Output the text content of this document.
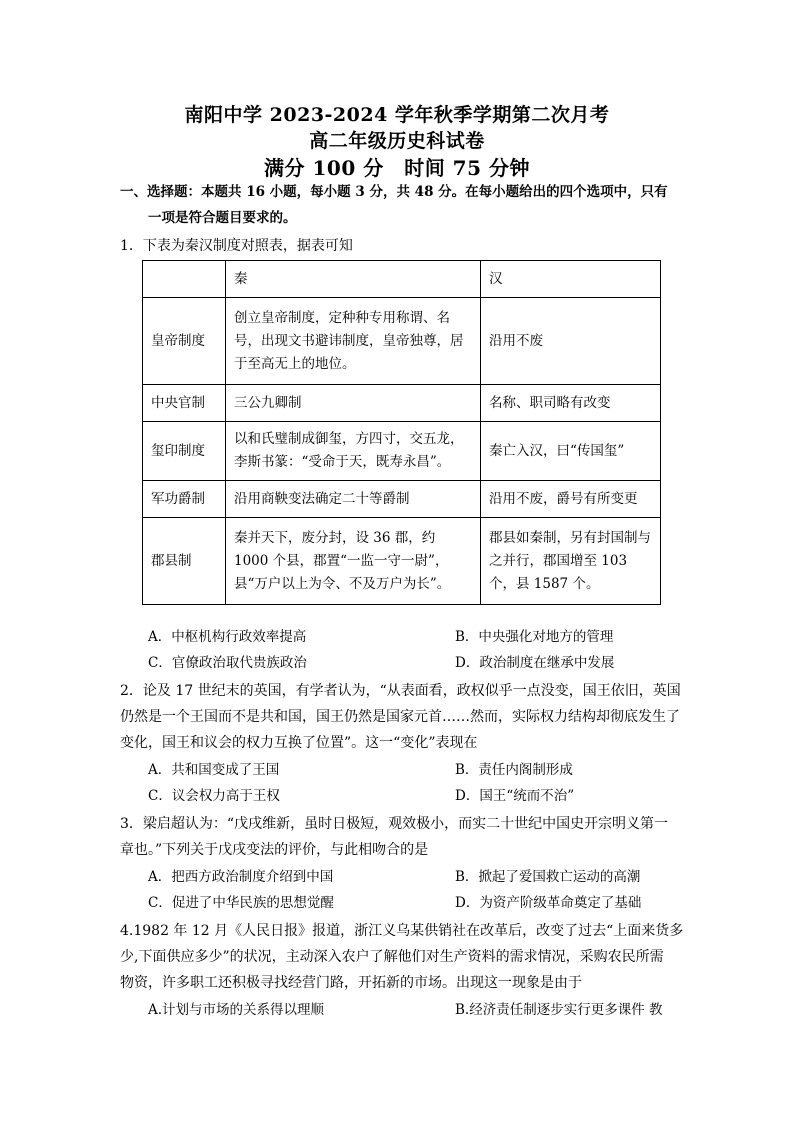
南阳中学 2023-2024 学年秋季学期第二次月考
高二年级历史科试卷
满分 100 分　时间 75 分钟
一、选择题：本题共 16 小题，每小题 3 分，共 48 分。在每小题给出的四个选项中，只有
一项是符合题目要求的。
1．下表为秦汉制度对照表，据表可知
	秦	汉
皇帝制度	创立皇帝制度，定种种专用称谓、名号，出现文书避讳制度，皇帝独尊，居于至高无上的地位。	沿用不废
中央官制	三公九卿制	名称、职司略有改变
玺印制度	以和氏璧制成御玺，方四寸，交五龙，李斯书篆：“受命于天，既寿永昌”。	秦亡入汉，曰“传国玺”
军功爵制	沿用商鞅变法确定二十等爵制	沿用不废，爵号有所变更
郡县制	秦并天下，废分封，设 36 郡，约 1000 个县，郡置“一监一守一尉”，县“万户以上为令、不及万户为长”。	郡县如秦制，另有封国制与之并行，郡国增至 103 个，县 1587 个。
A．中枢机构行政效率提高	B．中央强化对地方的管理
C．官僚政治取代贵族政治	D．政治制度在继承中发展
2．论及 17 世纪末的英国，有学者认为，“从表面看，政权似乎一点没变，国王依旧，英国
仍然是一个王国而不是共和国，国王仍然是国家元首……然而，实际权力结构却彻底发生了
变化，国王和议会的权力互换了位置”。这一“变化”表现在
A．共和国变成了王国	B．责任内阁制形成
C．议会权力高于王权	D．国王“统而不治”
3．梁启超认为：“戊戌维新，虽时日极短，观效极小，而实二十世纪中国史开宗明义第一
章也。”下列关于戊戌变法的评价，与此相吻合的是
A．把西方政治制度介绍到中国	B．掀起了爱国救亡运动的高潮
C．促进了中华民族的思想觉醒	D．为资产阶级革命奠定了基础
4.1982 年 12 月《人民日报》报道，浙江义乌某供销社在改革后，改变了过去“上面来货多
少,下面供应多少”的状况，主动深入农户了解他们对生产资料的需求情况，采购农民所需
物资，许多职工还积极寻找经营门路，开拓新的市场。出现这一现象是由于
A.计划与市场的关系得以理顺	B.经济责任制逐步实行更多课件 教
